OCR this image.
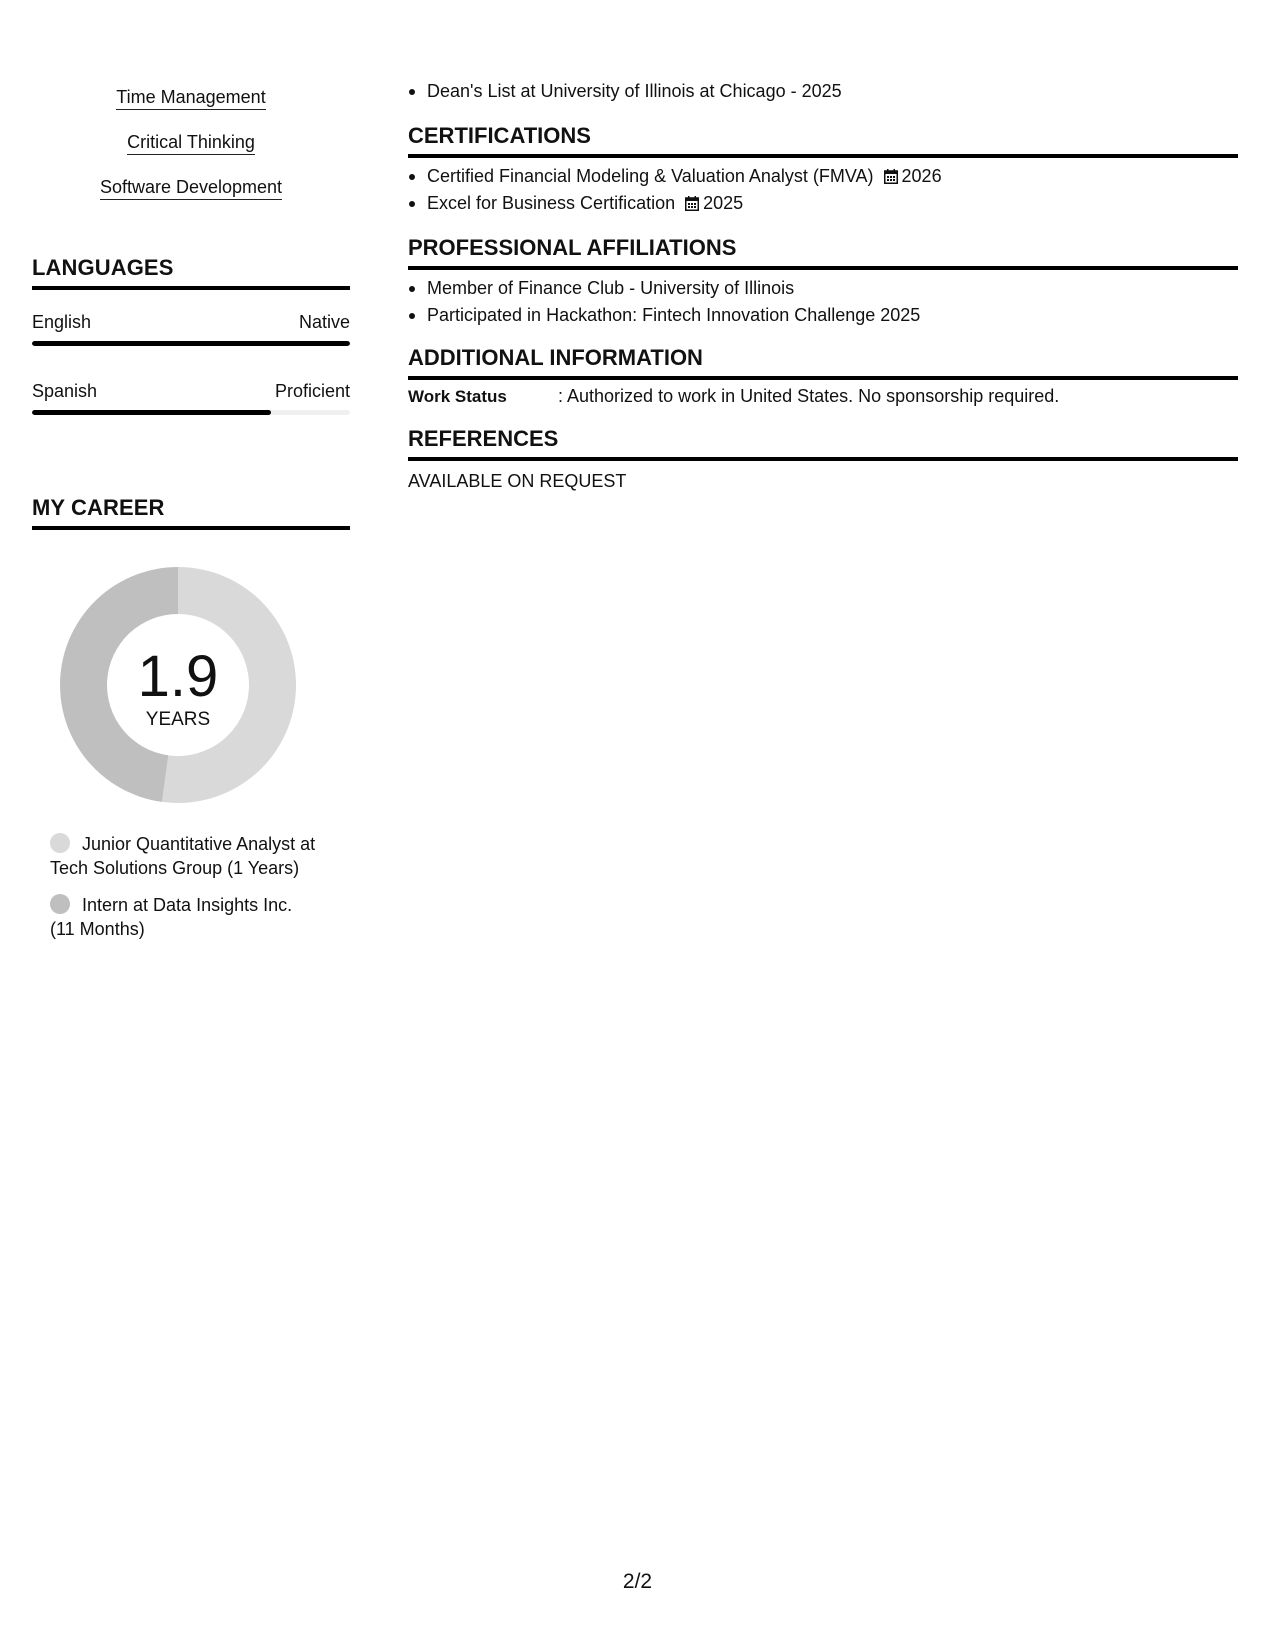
Time Management
Critical Thinking
Software Development
LANGUAGES
English	Native
Spanish	Proficient
MY CAREER
1.9
YEARS
Junior Quantitative Analyst at Tech Solutions Group (1 Years)
Intern at Data Insights Inc. (11 Months)
Dean's List at University of Illinois at Chicago - 2025
CERTIFICATIONS
Certified Financial Modeling & Valuation Analyst (FMVA) 2026
Excel for Business Certification 2025
PROFESSIONAL AFFILIATIONS
Member of Finance Club - University of Illinois
Participated in Hackathon: Fintech Innovation Challenge 2025
ADDITIONAL INFORMATION
Work Status	: Authorized to work in United States. No sponsorship required.
REFERENCES
AVAILABLE ON REQUEST
2/2
